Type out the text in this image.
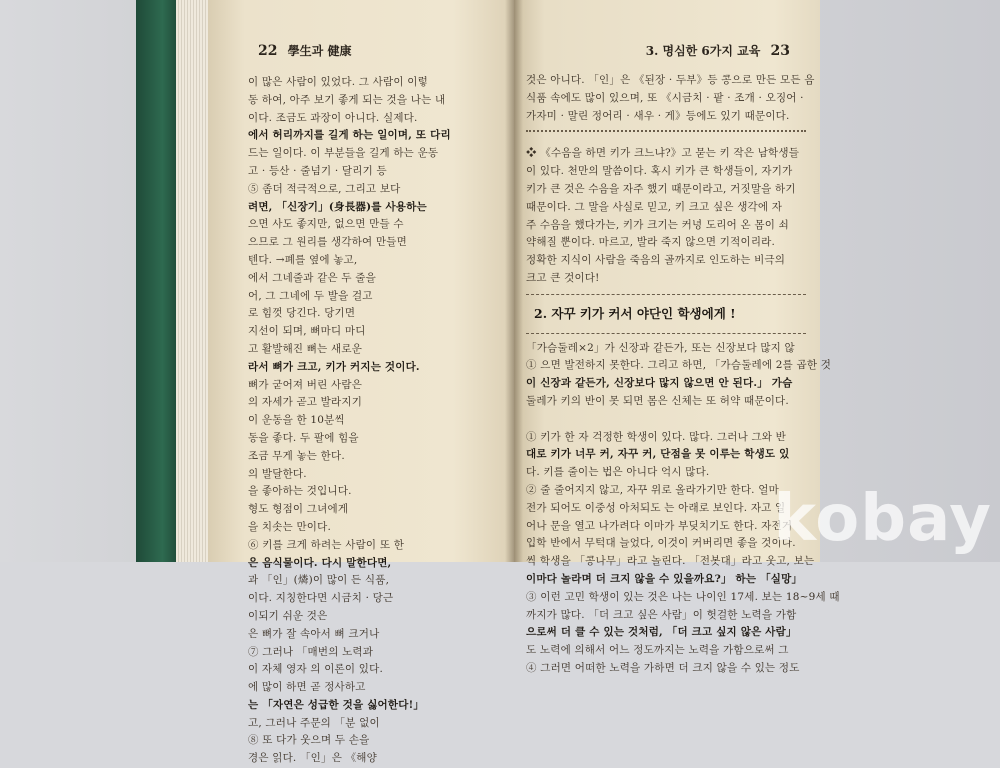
22 學生과 健康
이 많은 사람이 있었다. 그 사람이 이렇
동 하여, 아주 보기 좋게 되는 것을 나는 내
이다. 조금도 과장이 아니다. 실제다.
에서 허리까지를 길게 하는 일이며, 또 다리
드는 일이다. 이 부분들을 길게 하는 운동
고 · 등산 · 줄넘기 · 달리기 등
⑤ 좀더 적극적으로, 그리고 보다
려면, 「신장기」(身長器)를 사용하는
으면 사도 좋지만, 없으면 만들 수
으므로 그 원리를 생각하여 만들면
텐다. →폐를 옆에 놓고,
에서 그네줄과 같은 두 줄을
어, 그 그네에 두 발을 걸고
로 힘껏 당긴다. 당기면
지선이 되며, 뼈마디 마디
고 활발해진 뼈는 새로운
라서 뼈가 크고, 키가 커지는 것이다.
뼈가 굳어져 버린 사람은
의 자세가 곧고 발라지기
이 운동을 한 10분씩
동을 좋다. 두 팔에 힘을
조금 무게 놓는 한다.
의 발달한다.
을 좋아하는 것입니다.
형도 형점이 그녀에게
을 치솟는 만이다.
⑥ 키를 크게 하려는 사람이 또 한
은 음식물이다. 다시 말한다면,
과 「인」(燐)이 많이 든 식품,
이다. 지칭한다면 시금치 · 당근
이되기 쉬운 것은
은 뼈가 잘 속아서 뼈 크거나
⑦ 그러나 「매번의 노력과
이 자체 영자 의 이론이 있다.
에 많이 하면 곧 정사하고
는 「자연은 성급한 것을 싫어한다!」
고, 그러나 주문의 「분 없이
⑧ 또 다가 웃으며 두 손을
경은 읽다. 「인」은 《해양
3. 명심한 6가지 교육 23
것은 아니다. 「인」은 《된장 · 두부》등 콩으로 만든 모든 음
식품 속에도 많이 있으며, 또 《시금치 · 팥 · 조개 · 오징어 ·
가자미 · 말린 정어리 · 새우 · 게》등에도 있기 때문이다.
❖ 《수음을 하면 키가 크느냐?》고 묻는 키 작은 남학생들
이 있다. 천만의 말씀이다. 혹시 키가 큰 학생들이, 자기가
키가 큰 것은 수음을 자주 했기 때문이라고, 거짓말을 하기
때문이다. 그 말을 사실로 믿고, 키 크고 싶은 생각에 자
주 수음을 했다가는, 키가 크기는 커녕 도리어 온 몸이 쇠
약해질 뿐이다. 마르고, 발라 죽지 않으면 기적이리라.
정확한 지식이 사람을 죽음의 골까지로 인도하는 비극의
크고 큰 것이다!
2. 자꾸 키가 커서 야단인 학생에게 !
「가슴둘레×2」가 신장과 같든가, 또는 신장보다 많지 않
① 으면 발전하지 못한다. 그리고 하면, 「가슴둘레에 2를 곱한 것
이 신장과 같든가, 신장보다 많지 않으면 안 된다.」 가슴
둘레가 키의 반이 못 되면 몸은 신체는 또 허약 때문이다.

① 키가 한 자 걱정한 학생이 있다. 많다. 그러나 그와 반
대로 키가 너무 커, 자꾸 커, 단점을 못 이루는 학생도 있
다. 키를 줄이는 법은 아니다 억시 많다.
② 줄 줄어지지 않고, 자꾸 위로 올라가기만 한다. 얼마
전가 되어도 이중성 아처되도 는 아래로 보인다. 자고 일
어나 문을 열고 나가려다 이마가 부딪치기도 한다. 자전거
입학 반에서 무턱대 늘었다, 이것이 커버리면 좋을 것이다.
씩 학생을 「콩나무」라고 놀린다. 「전봇대」라고 웃고, 보는
이마다 놀라며 더 크지 않을 수 있을까요?」 하는 「실망」
③ 이런 고민 학생이 있는 것은 나는 나이인 17세. 보는 18~9세 때
까지가 많다. 「더 크고 싶은 사람」이 헛걸한 노력을 가함
으로써 더 클 수 있는 것처럼, 「더 크고 싶지 않은 사람」
도 노력에 의해서 어느 정도까지는 노력을 가함으로써 그
④ 그러면 어떠한 노력을 가하면 더 크지 않을 수 있는 정도
kobay
